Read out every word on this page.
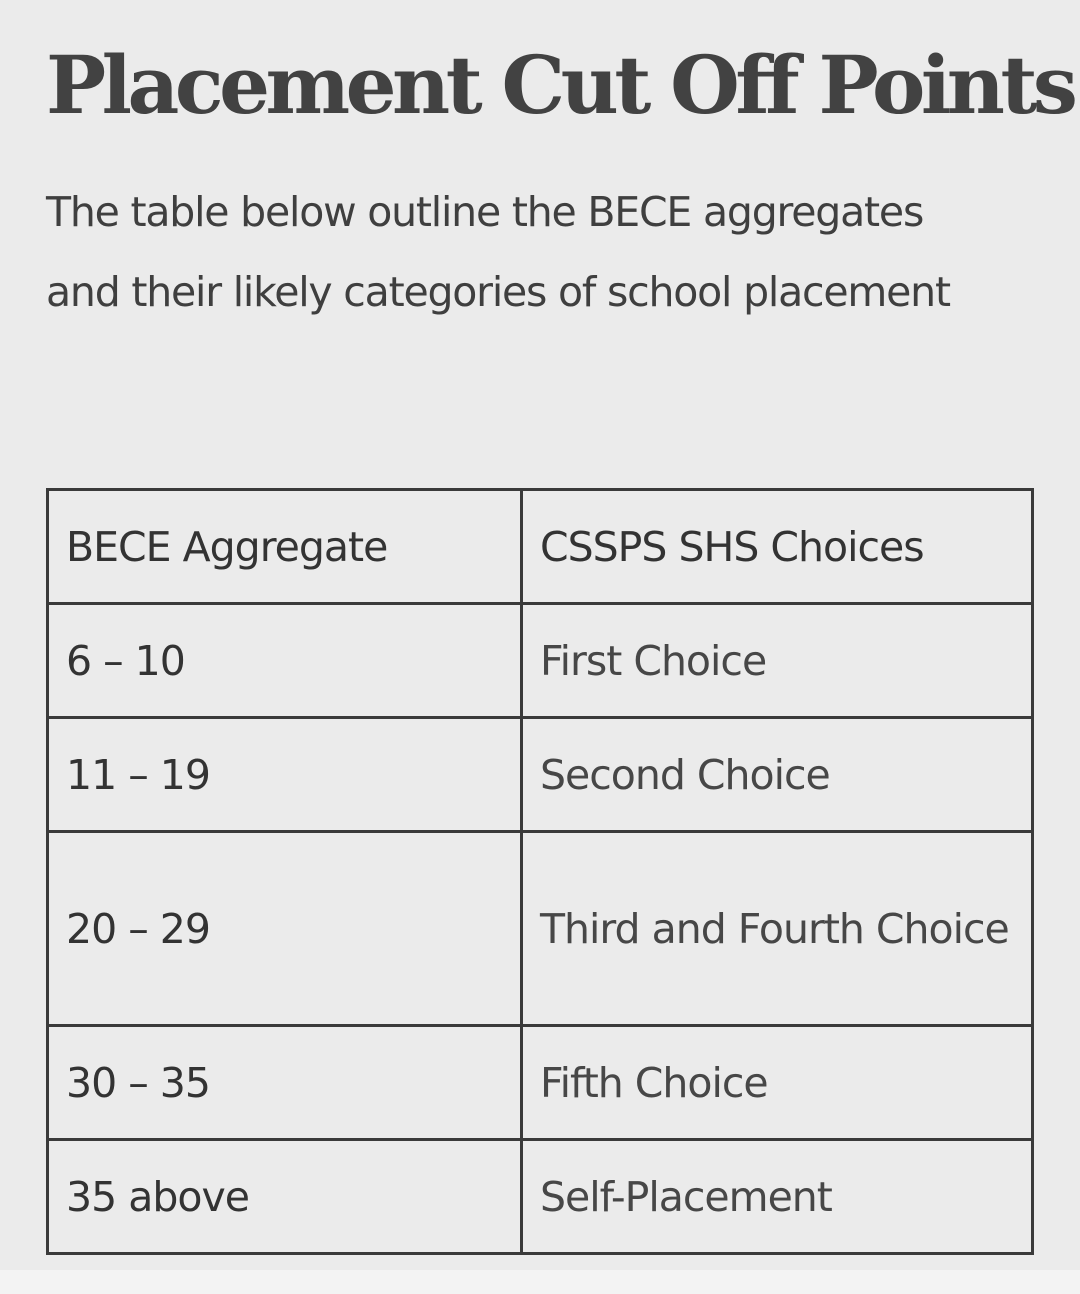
Placement Cut Off Points

The table below outline the BECE aggregates and their likely categories of school placement

BECE Aggregate	CSSPS SHS Choices
6 – 10	First Choice
11 – 19	Second Choice
20 – 29	Third and Fourth Choice
30 – 35	Fifth Choice
35 above	Self-Placement
